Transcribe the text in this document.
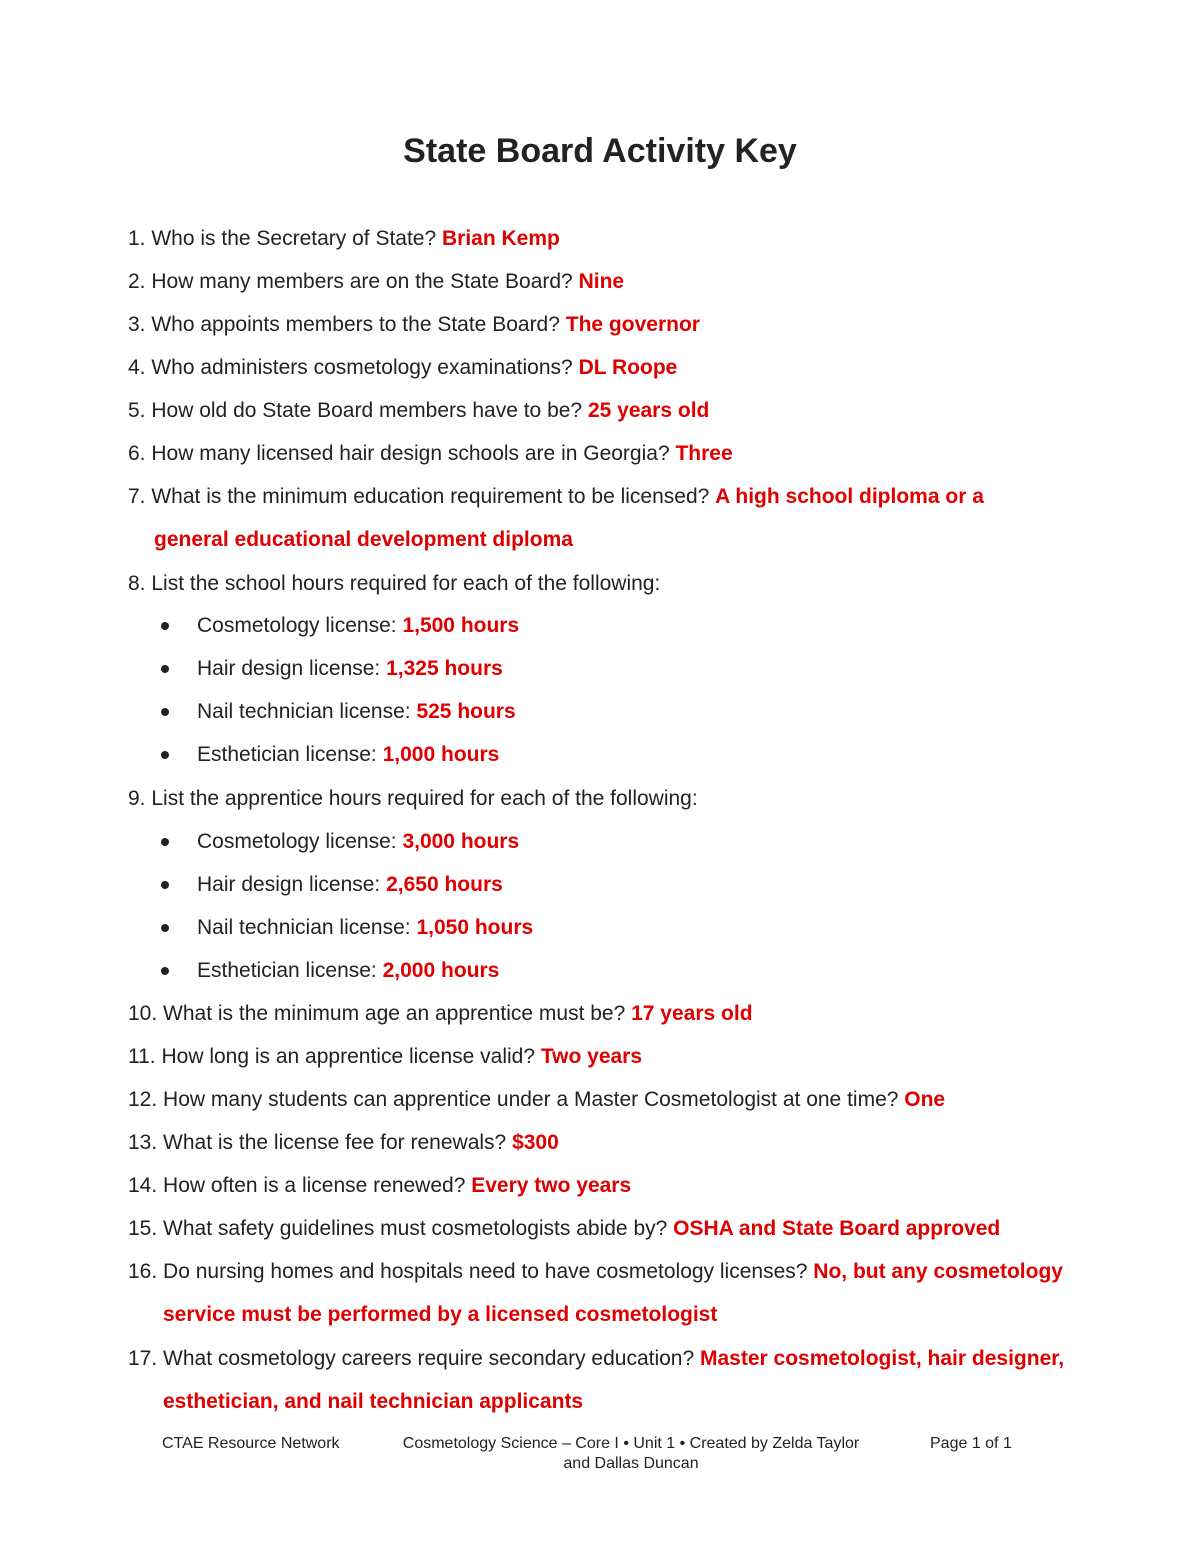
State Board Activity Key
1. Who is the Secretary of State? Brian Kemp
2. How many members are on the State Board? Nine
3. Who appoints members to the State Board? The governor
4. Who administers cosmetology examinations? DL Roope
5. How old do State Board members have to be? 25 years old
6. How many licensed hair design schools are in Georgia? Three
7. What is the minimum education requirement to be licensed? A high school diploma or a
general educational development diploma
8. List the school hours required for each of the following:
Cosmetology license: 1,500 hours
Hair design license: 1,325 hours
Nail technician license: 525 hours
Esthetician license: 1,000 hours
9. List the apprentice hours required for each of the following:
Cosmetology license: 3,000 hours
Hair design license: 2,650 hours
Nail technician license: 1,050 hours
Esthetician license: 2,000 hours
10. What is the minimum age an apprentice must be? 17 years old
11. How long is an apprentice license valid? Two years
12. How many students can apprentice under a Master Cosmetologist at one time? One
13. What is the license fee for renewals? $300
14. How often is a license renewed? Every two years
15. What safety guidelines must cosmetologists abide by? OSHA and State Board approved
16. Do nursing homes and hospitals need to have cosmetology licenses? No, but any cosmetology
service must be performed by a licensed cosmetologist
17. What cosmetology careers require secondary education? Master cosmetologist, hair designer,
esthetician, and nail technician applicants
CTAE Resource Network	Cosmetology Science – Core I • Unit 1 • Created by Zelda Taylor
and Dallas Duncan
Page 1 of 1
